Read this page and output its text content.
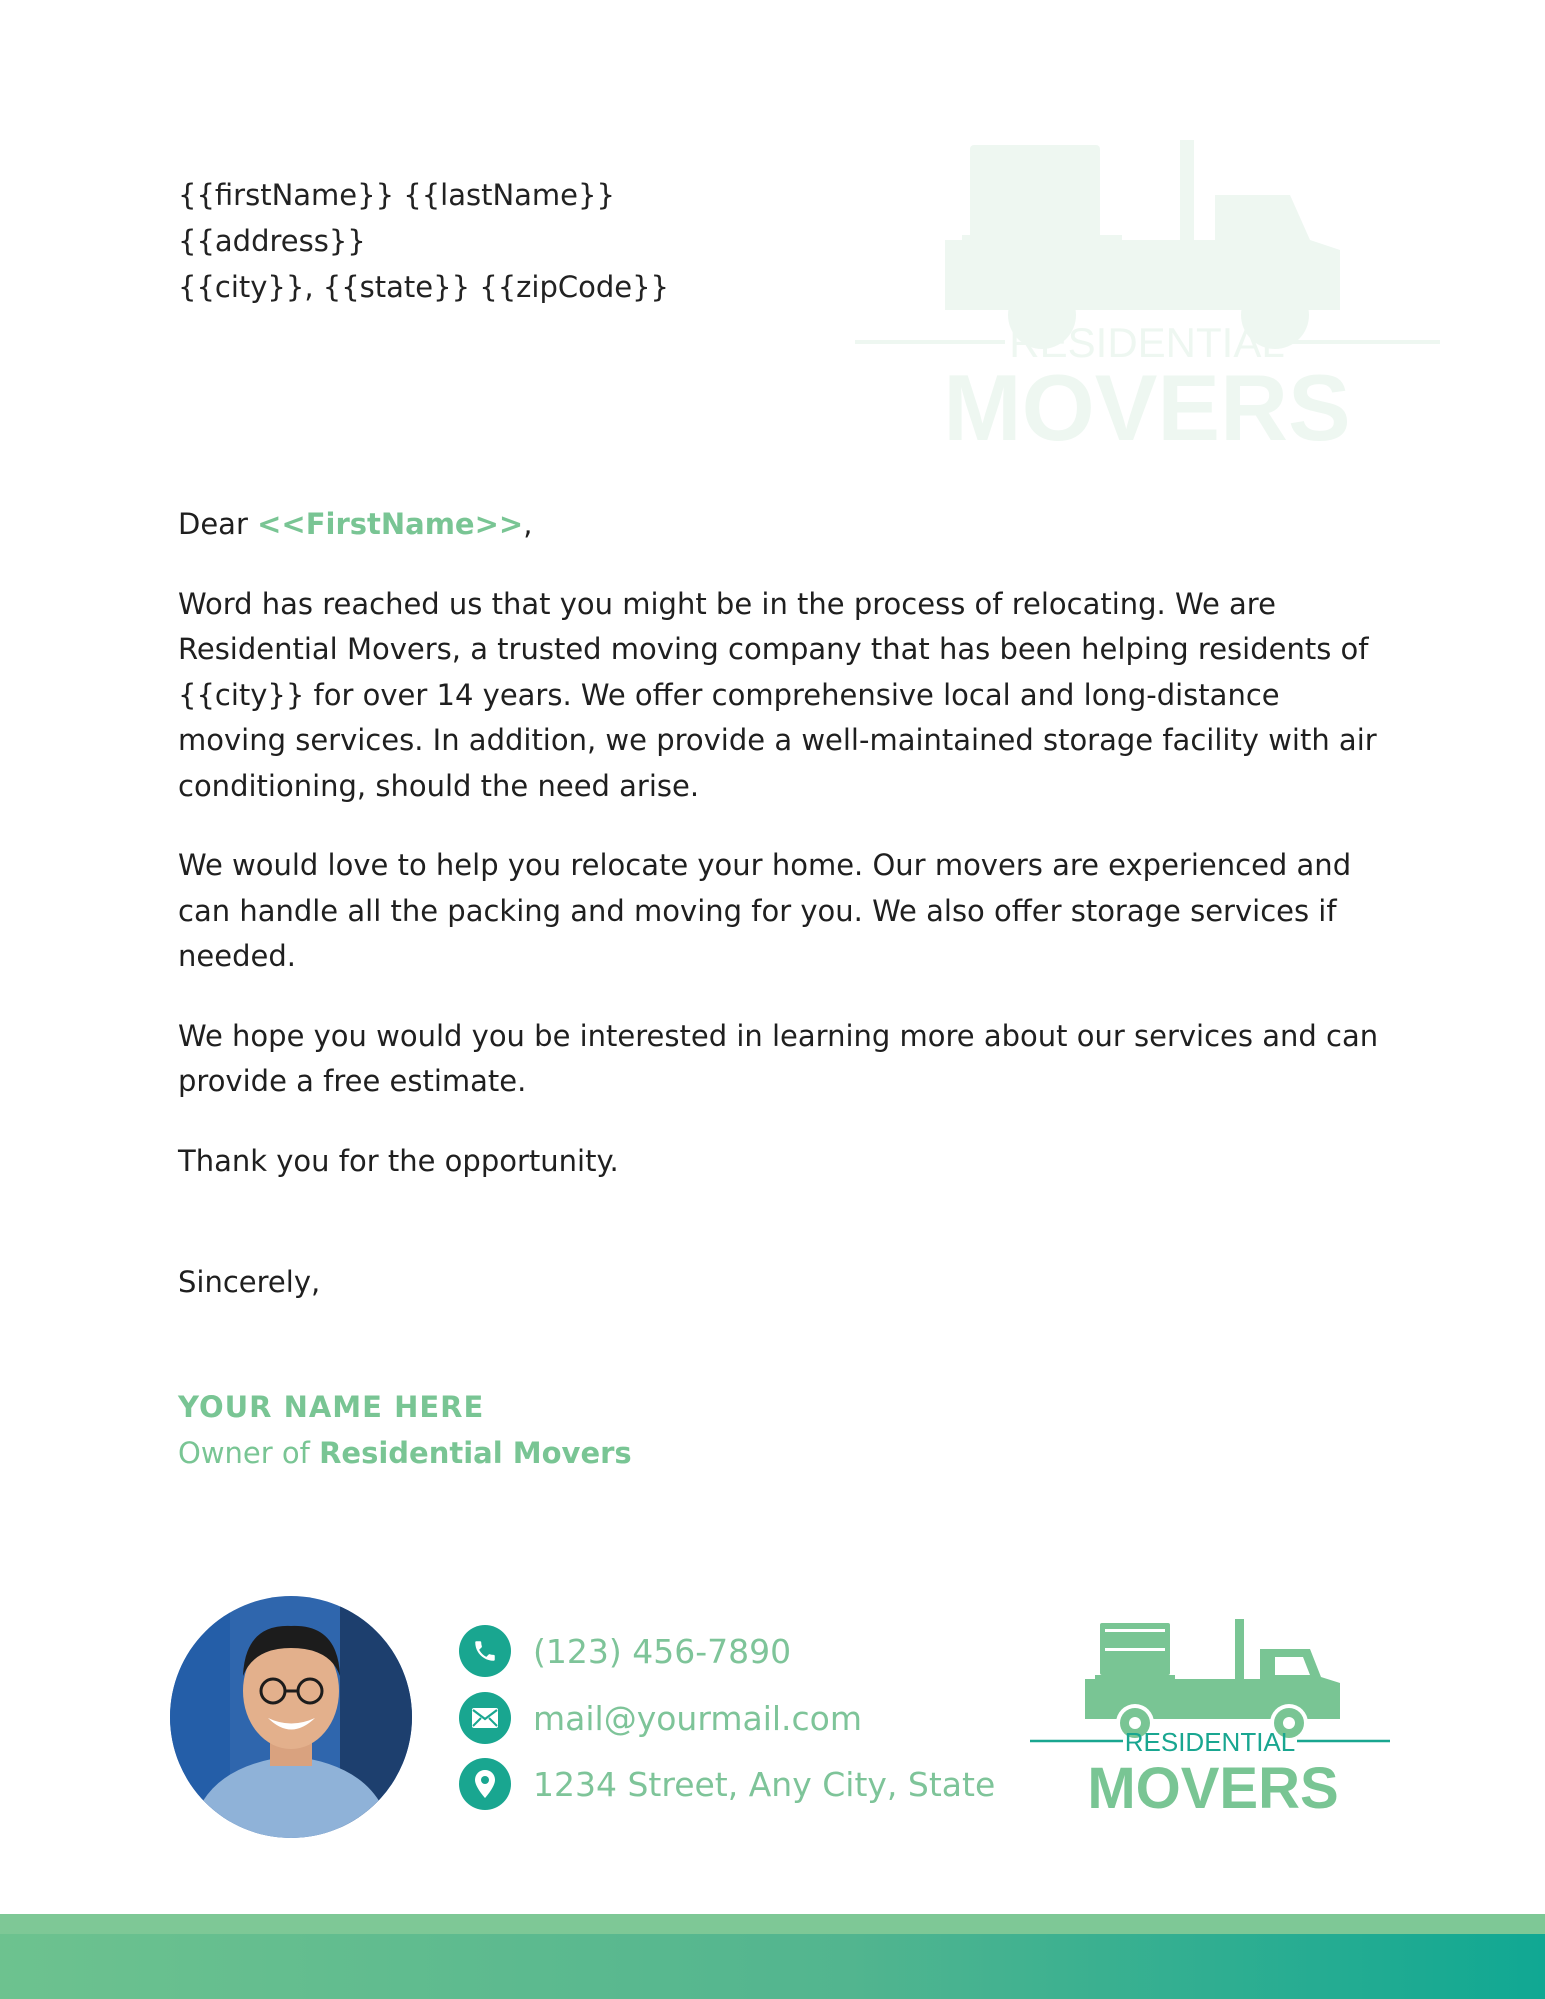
{{firstName}} {{lastName}}
{{address}}
{{city}}, {{state}} {{zipCode}}
RESIDENTIAL
MOVERS

Dear <<FirstName>>,

Word has reached us that you might be in the process of relocating. We are Residential Movers, a trusted moving company that has been helping residents of {{city}} for over 14 years. We offer comprehensive local and long-distance moving services. In addition, we provide a well-maintained storage facility with air conditioning, should the need arise.

We would love to help you relocate your home. Our movers are experienced and can handle all the packing and moving for you. We also offer storage services if needed.

We hope you would you be interested in learning more about our services and can provide a free estimate.

Thank you for the opportunity.

Sincerely,
YOUR NAME HERE
Owner of Residential Movers
(123) 456-7890
mail@yourmail.com
1234 Street, Any City, State
RESIDENTIAL
MOVERS
